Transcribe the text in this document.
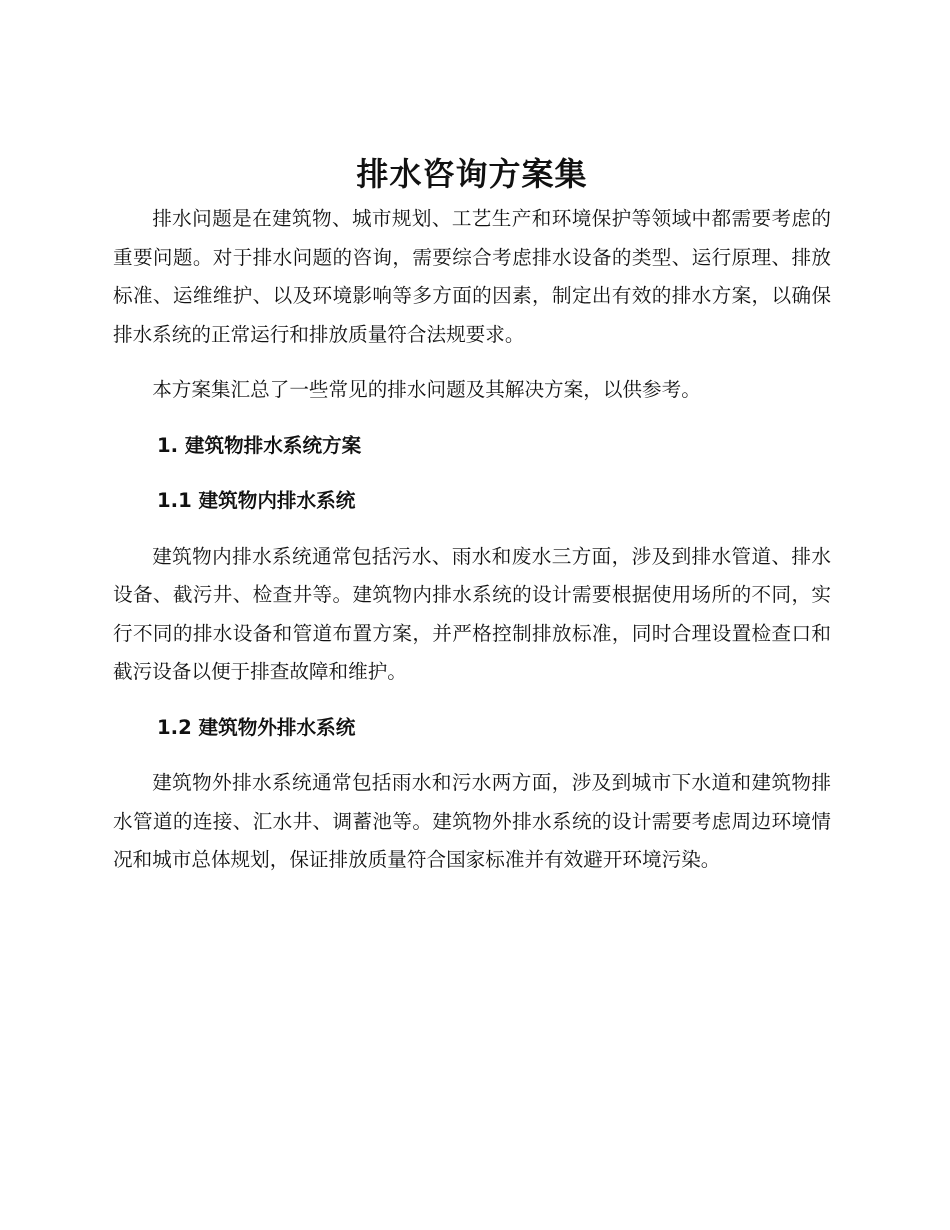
排水咨询方案集

排水问题是在建筑物、城市规划、工艺生产和环境保护等领域中都需要考虑的重要问题。对于排水问题的咨询，需要综合考虑排水设备的类型、运行原理、排放标准、运维维护、以及环境影响等多方面的因素，制定出有效的排水方案，以确保排水系统的正常运行和排放质量符合法规要求。

本方案集汇总了一些常见的排水问题及其解决方案，以供参考。

1. 建筑物排水系统方案

1.1 建筑物内排水系统

建筑物内排水系统通常包括污水、雨水和废水三方面，涉及到排水管道、排水设备、截污井、检查井等。建筑物内排水系统的设计需要根据使用场所的不同，实行不同的排水设备和管道布置方案，并严格控制排放标准，同时合理设置检查口和截污设备以便于排查故障和维护。

1.2 建筑物外排水系统

建筑物外排水系统通常包括雨水和污水两方面，涉及到城市下水道和建筑物排水管道的连接、汇水井、调蓄池等。建筑物外排水系统的设计需要考虑周边环境情况和城市总体规划，保证排放质量符合国家标准并有效避开环境污染。
